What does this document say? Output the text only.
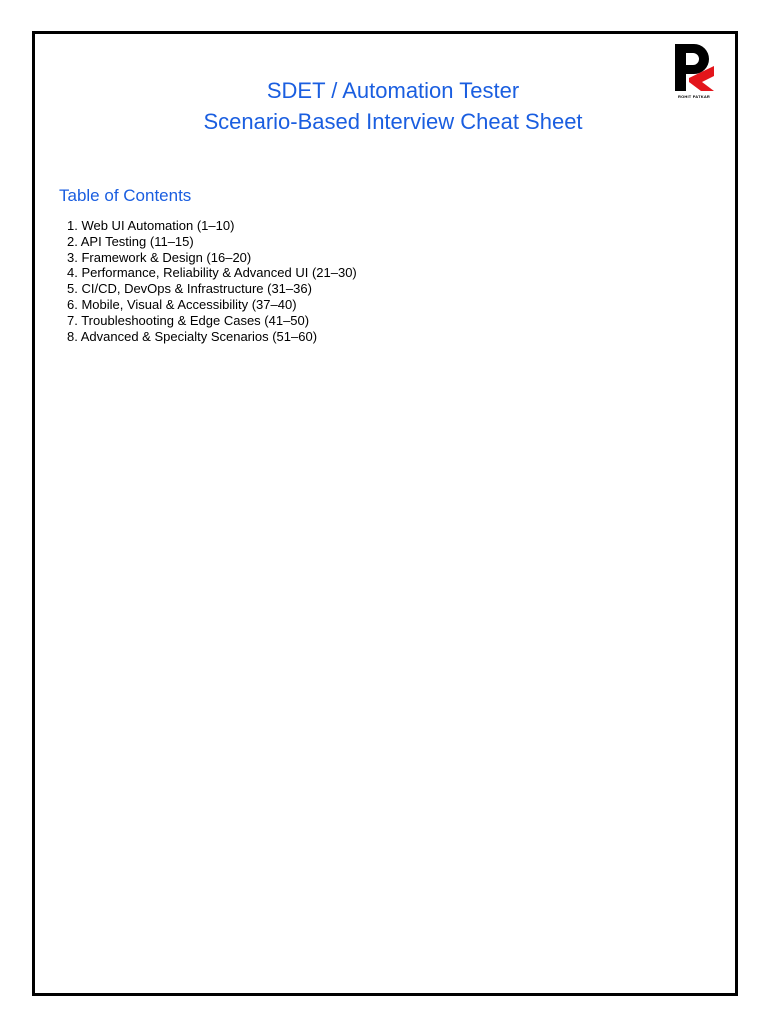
ROHIT PATKAR
SDET / Automation Tester
Scenario-Based Interview Cheat Sheet
Table of Contents
1. Web UI Automation (1–10)
2. API Testing (11–15)
3. Framework & Design (16–20)
4. Performance, Reliability & Advanced UI (21–30)
5. CI/CD, DevOps & Infrastructure (31–36)
6. Mobile, Visual & Accessibility (37–40)
7. Troubleshooting & Edge Cases (41–50)
8. Advanced & Specialty Scenarios (51–60)
